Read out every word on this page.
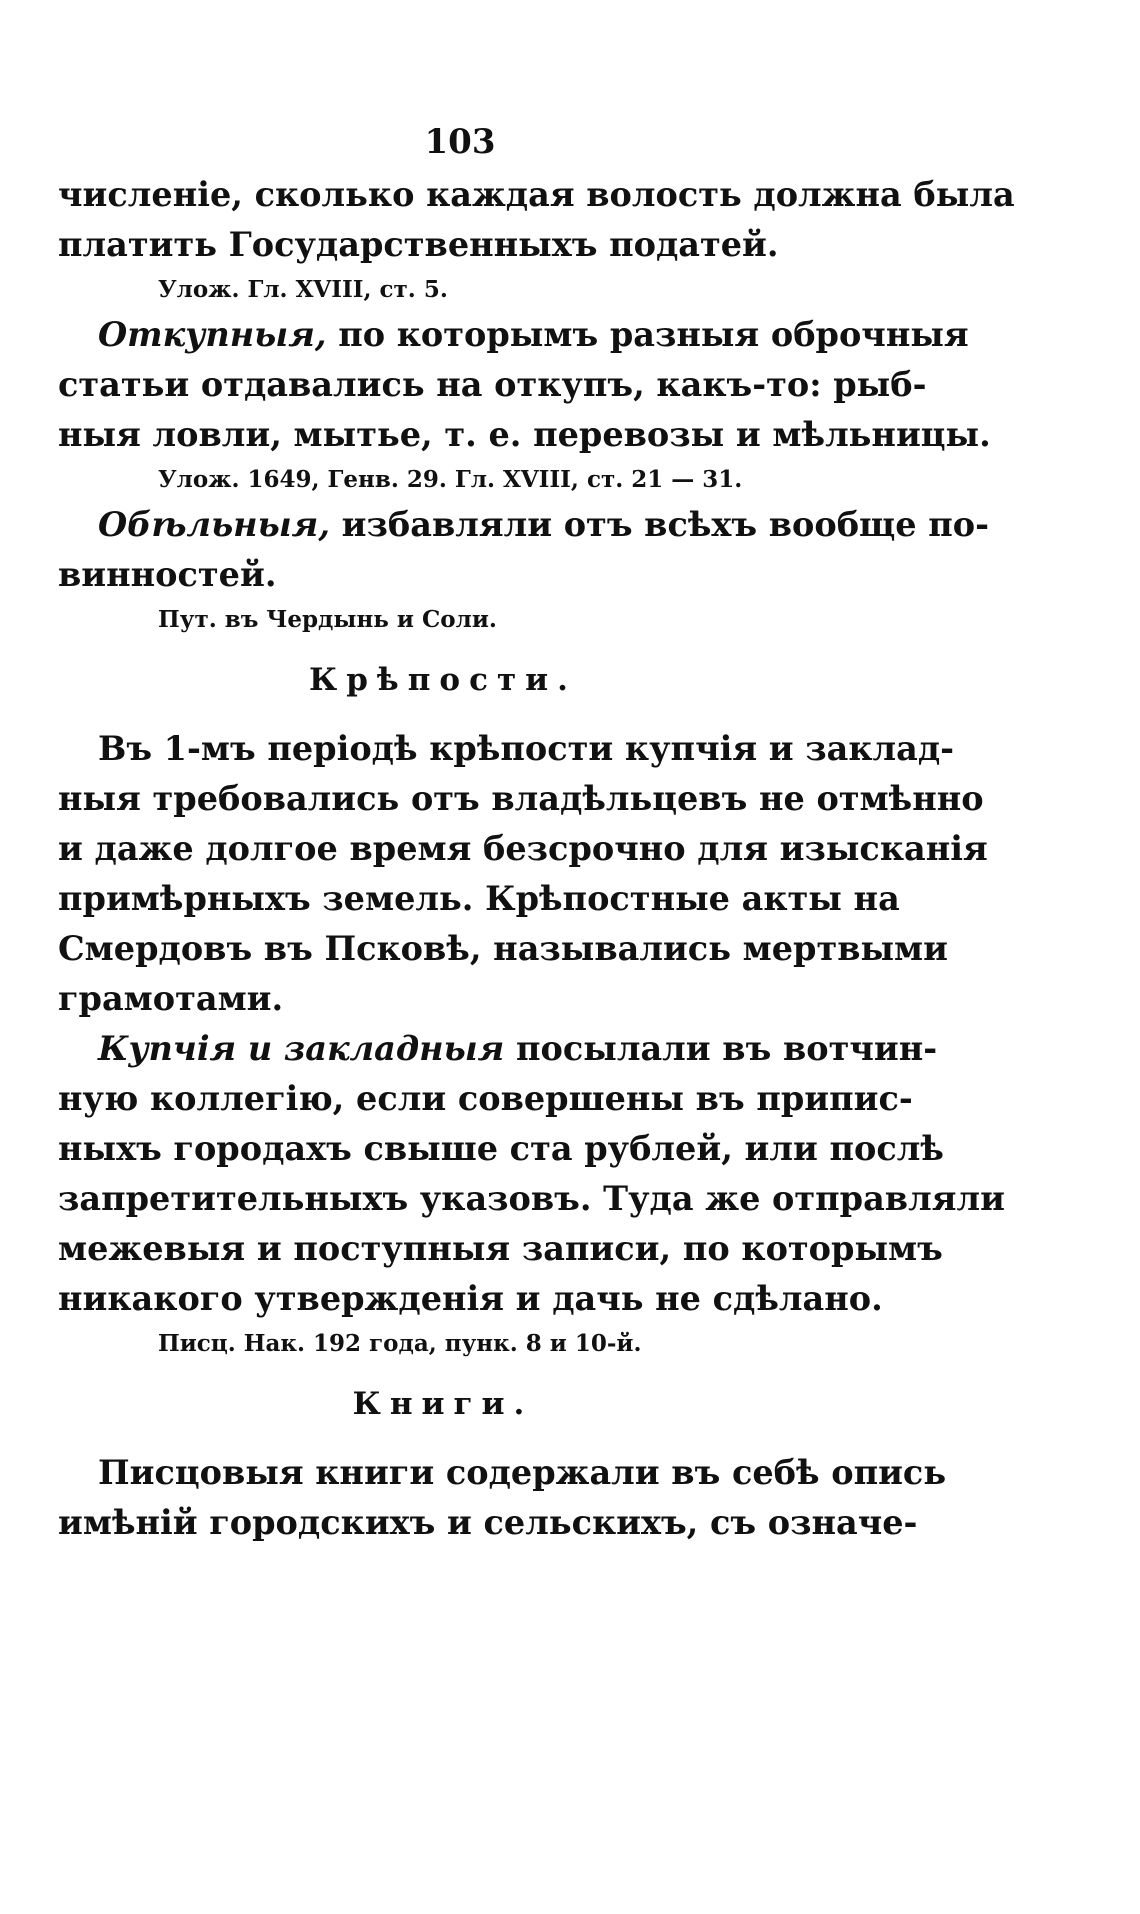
103
численіе, сколько каждая волость должна была
платить Государственныхъ податей.
Улож. Гл. XVIII, ст. 5.
Откупныя, по которымъ разныя оброчныя
статьи отдавались на откупъ, какъ-то: рыб-
ныя ловли, мытье, т. е. перевозы и мѣльницы.
Улож. 1649, Генв. 29. Гл. XVIII, ст. 21 — 31.
Обѣльныя, избавляли отъ всѣхъ вообще по-
винностей.
Пут. въ Чердынь и Соли.
Крѣпости.
Въ 1-мъ періодѣ крѣпости купчія и заклад-
ныя требовались отъ владѣльцевъ не отмѣнно
и даже долгое время безсрочно для изысканія
примѣрныхъ земель. Крѣпостные акты на
Смердовъ въ Псковѣ, назывались мертвыми
грамотами.
Купчія и закладныя посылали въ вотчин-
ную коллегію, если совершены въ припис-
ныхъ городахъ свыше ста рублей, или послѣ
запретительныхъ указовъ. Туда же отправляли
межевыя и поступныя записи, по которымъ
никакого утвержденія и дачь не сдѣлано.
Писц. Нак. 192 года, пунк. 8 и 10-й.
Книги.
Писцовыя книги содержали въ себѣ опись
имѣній городскихъ и сельскихъ, съ означе-
